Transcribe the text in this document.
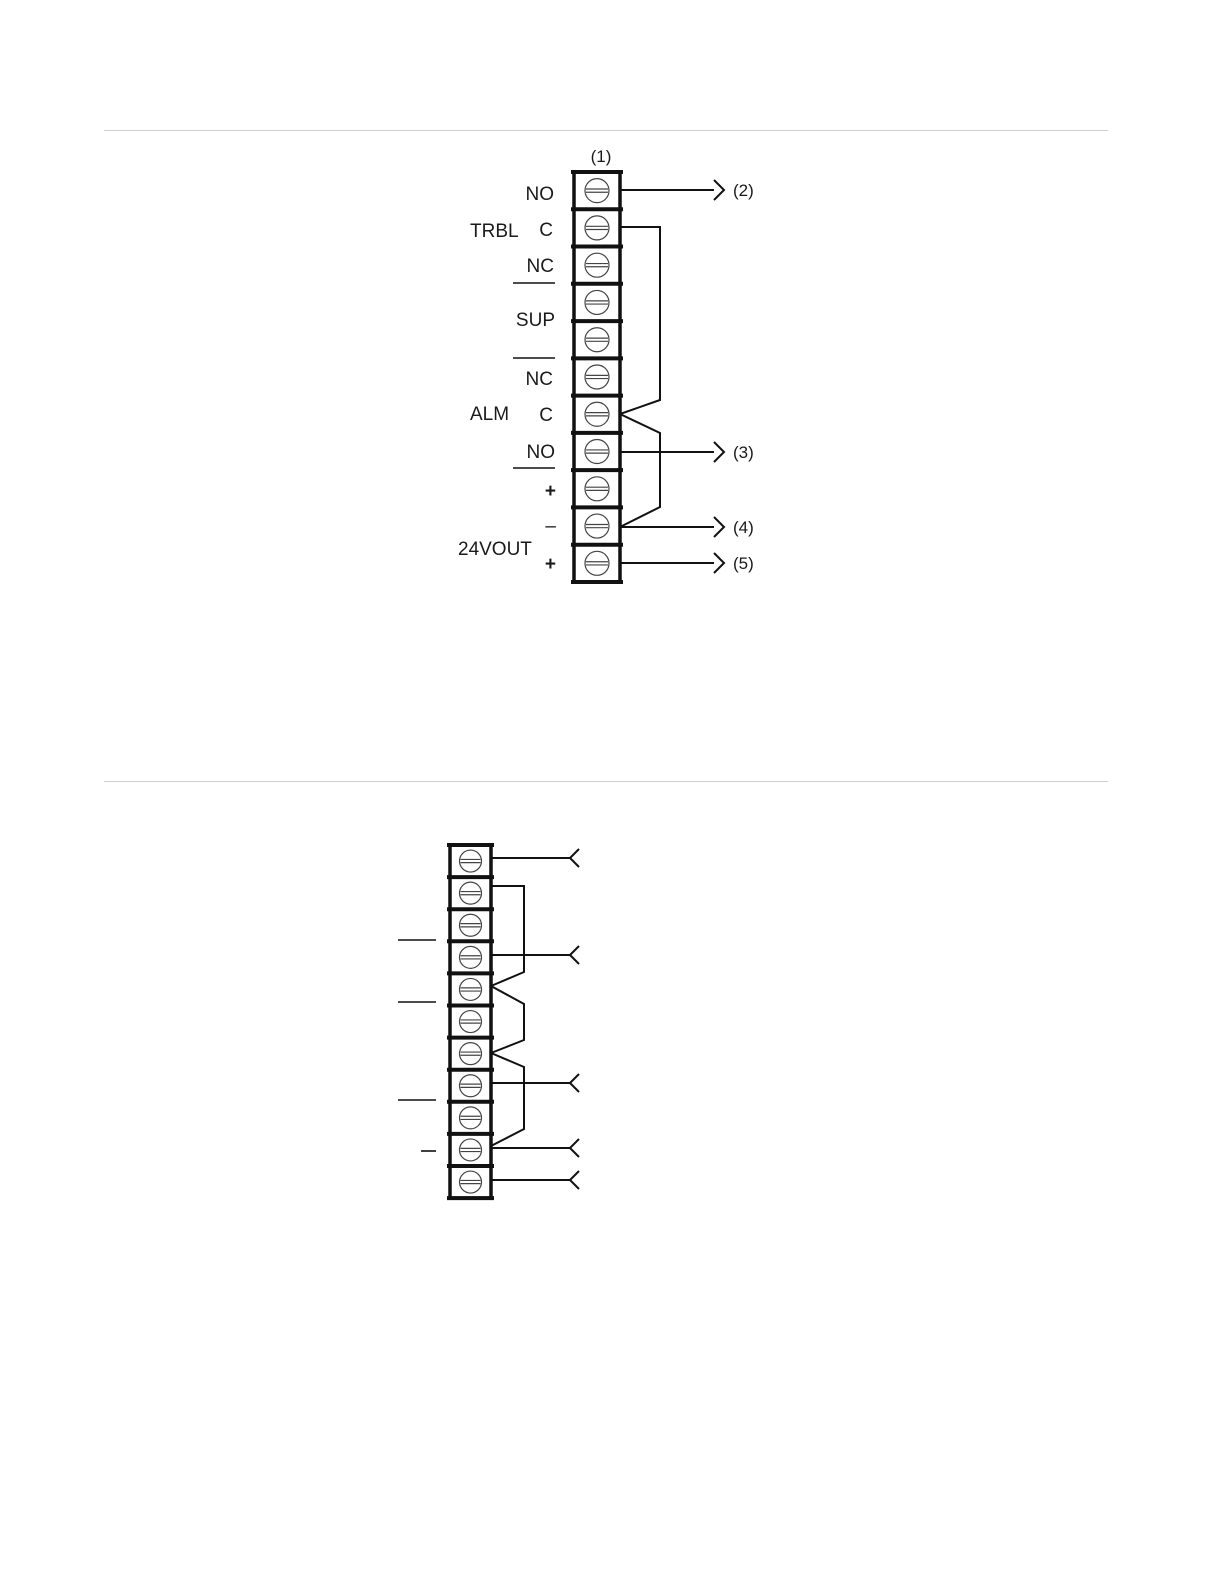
(1)
NO
TRBL C
NC
SUP
NC
ALM C
NO
+
–
24VOUT
+
(2)
(3)
(4)
(5)
